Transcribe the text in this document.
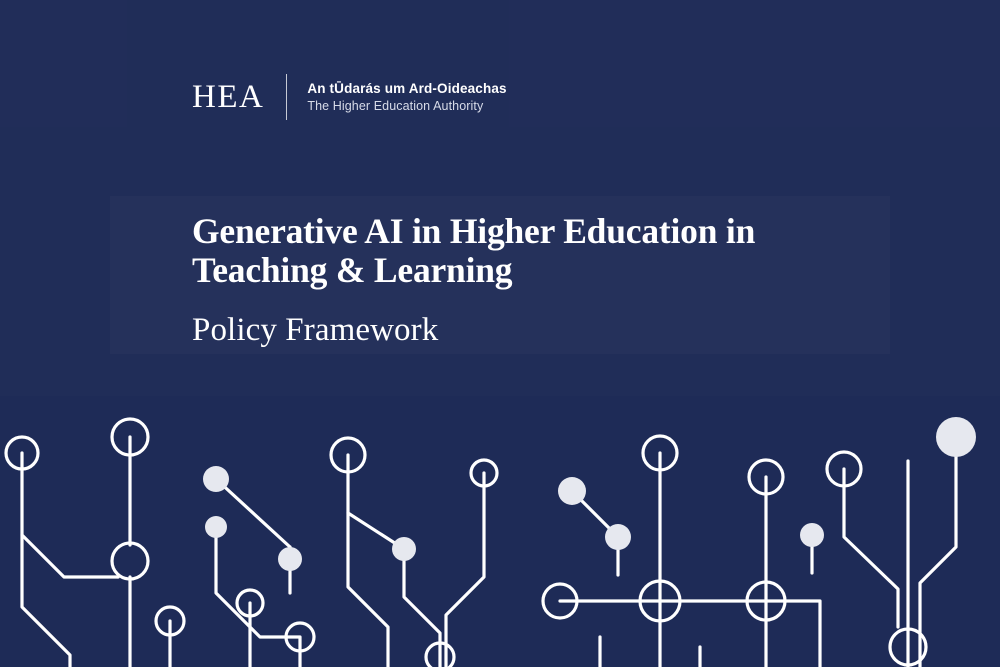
HEA	An tŪdаrás um Ard-Oideachas
The Higher Education Authority
Generative AI in Higher Education in
Teaching & Learning
Policy Framework
